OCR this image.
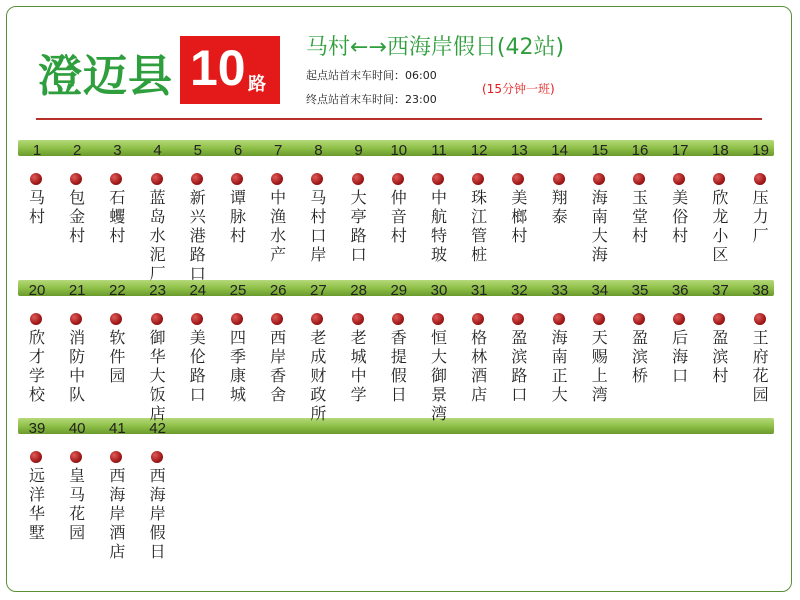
澄迈县 10 路
马村←→西海岸假日(42站)
起点站首末车时间：06:00
终点站首末车时间：23:00
(15分钟一班)
1
马村
2
包金村
3
石蠼村
4
蓝岛水泥厂
5
新兴港路口
6
谭脉村
7
中渔水产
8
马村口岸
9
大亭路口
10
仲音村
11
中航特玻
12
珠江管桩
13
美榔村
14
翔泰
15
海南大海
16
玉堂村
17
美俗村
18
欣龙小区
19
压力厂
20
欣才学校
21
消防中队
22
软件园
23
御华大饭店
24
美伦路口
25
四季康城
26
西岸香舍
27
老成财政所
28
老城中学
29
香提假日
30
恒大御景湾
31
格林酒店
32
盈滨路口
33
海南正大
34
天赐上湾
35
盈滨桥
36
后海口
37
盈滨村
38
王府花园
39
远洋华墅
40
皇马花园
41
西海岸酒店
42
西海岸假日
